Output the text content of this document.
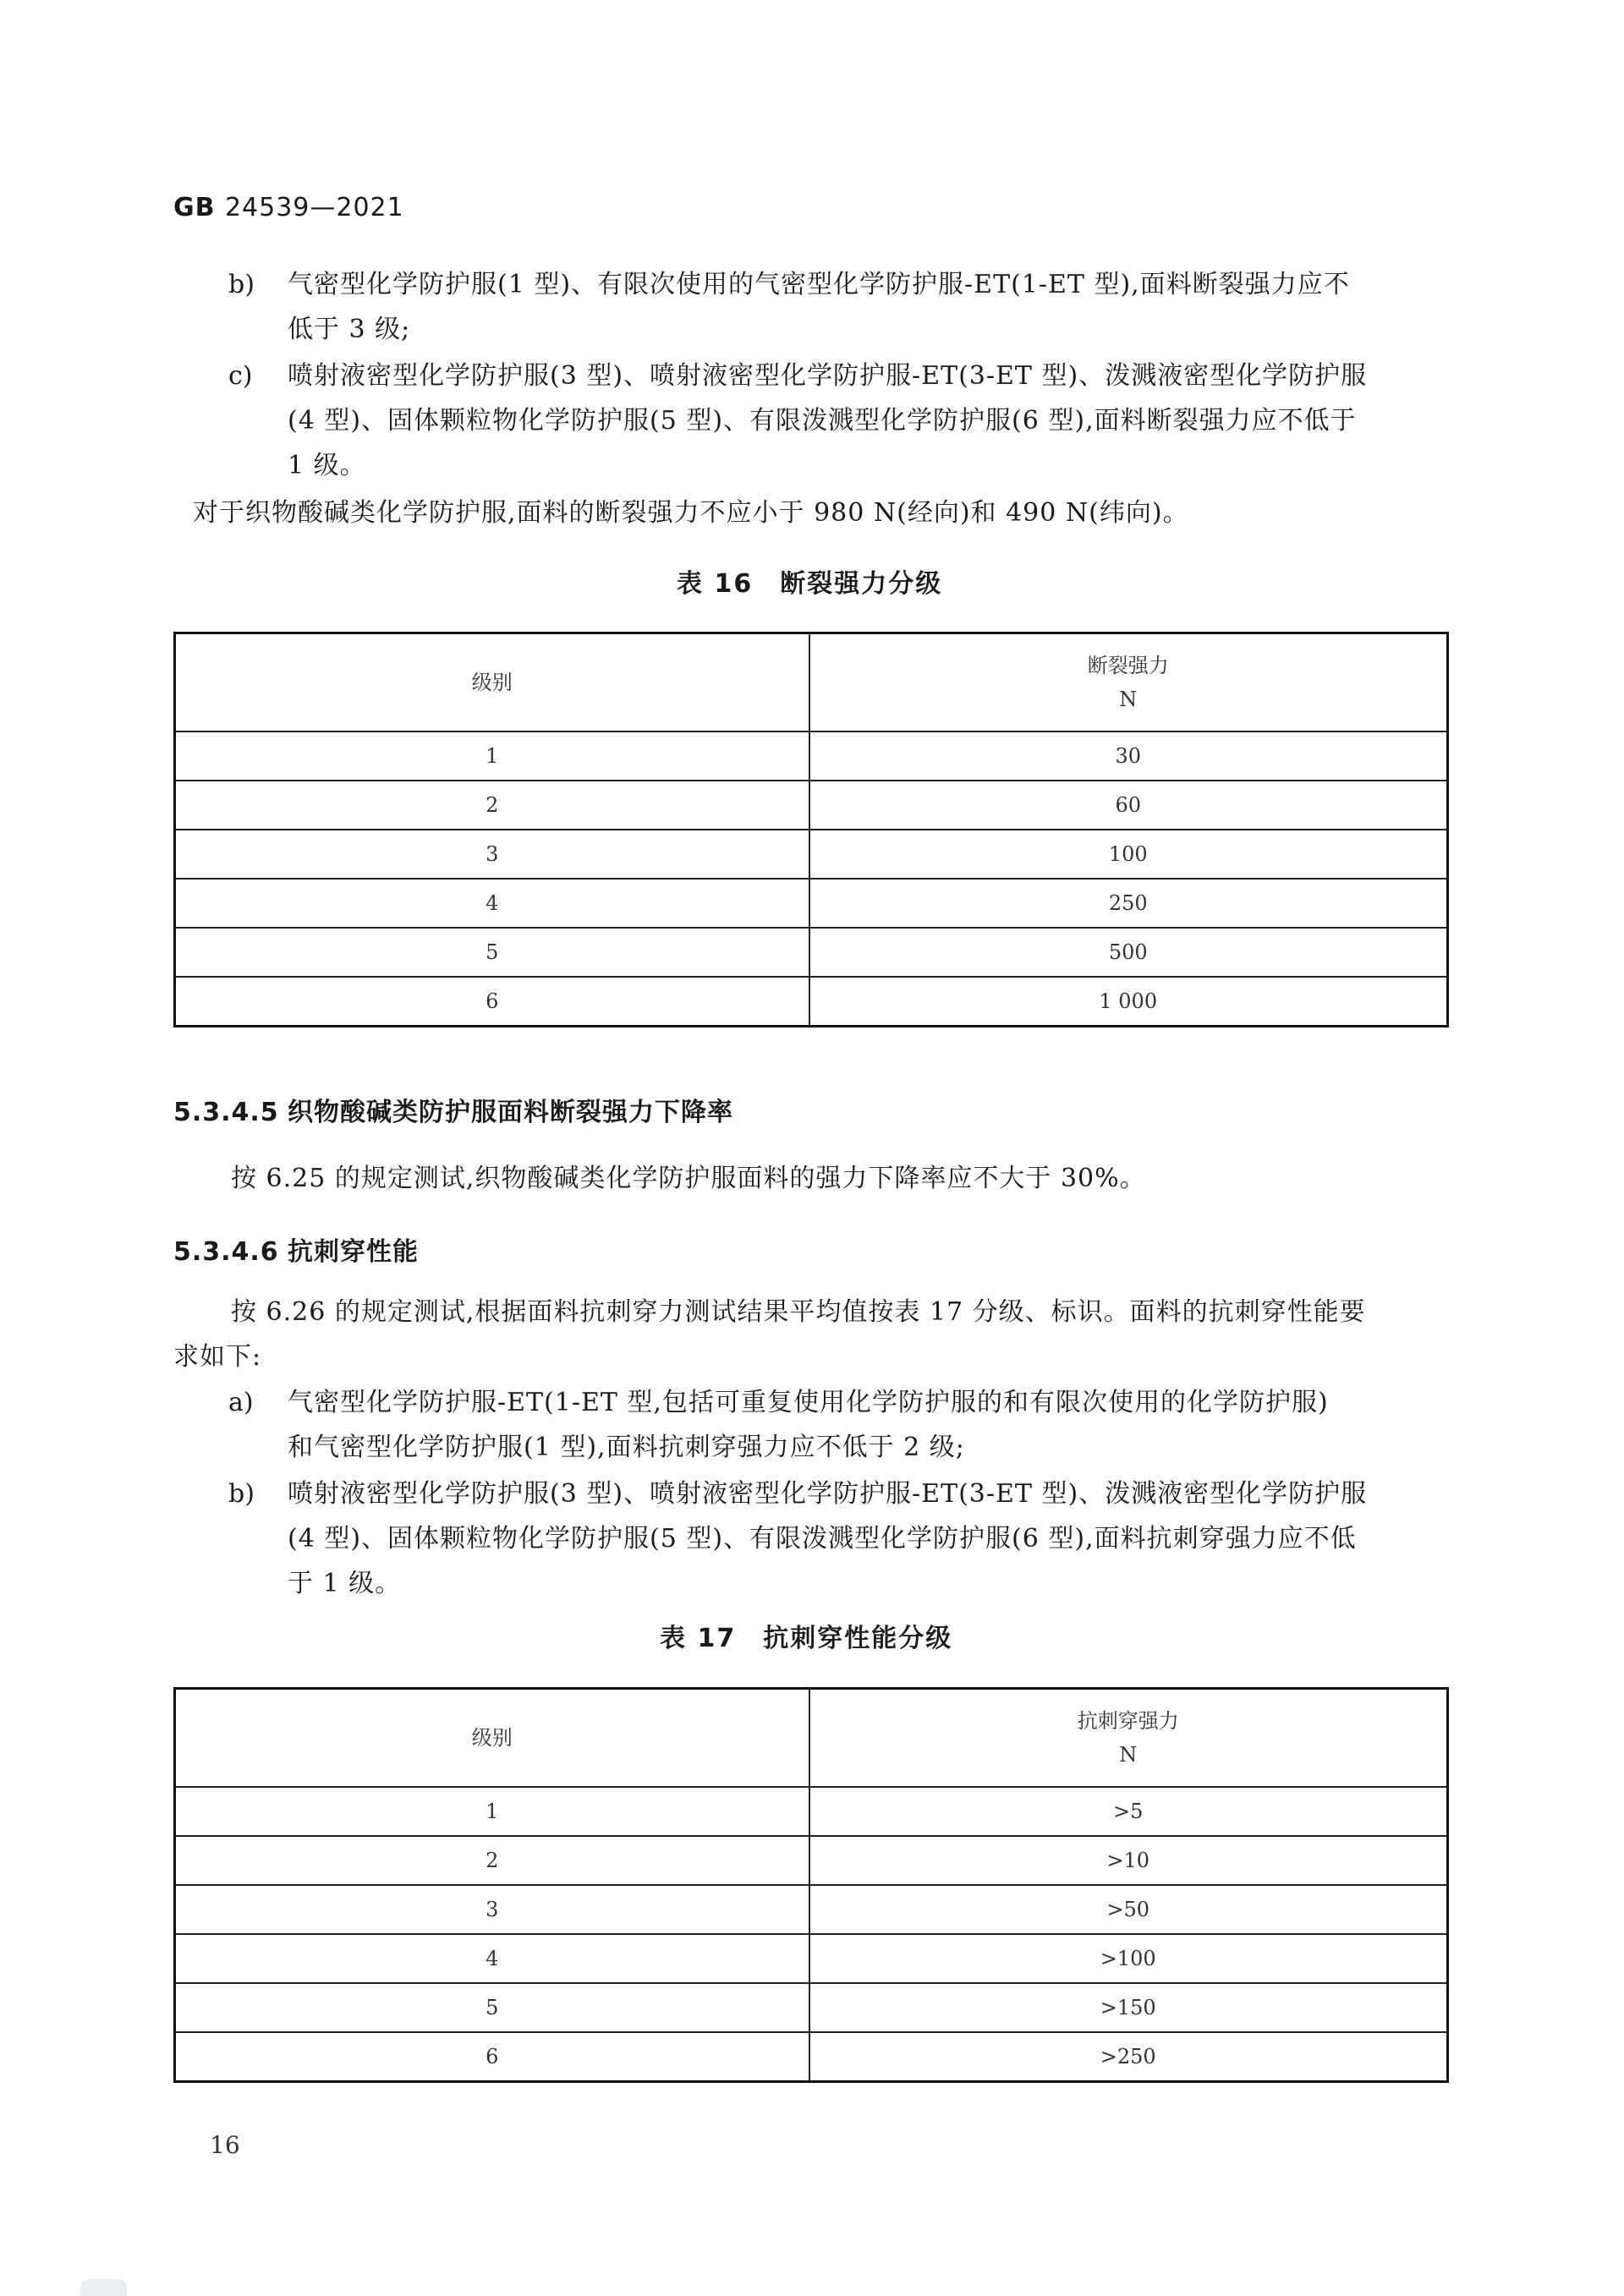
GB 24539—2021
b) 气密型化学防护服(1 型)、有限次使用的气密型化学防护服-ET(1-ET 型),面料断裂强力应不
低于 3 级;
c) 喷射液密型化学防护服(3 型)、喷射液密型化学防护服-ET(3-ET 型)、泼溅液密型化学防护服
(4 型)、固体颗粒物化学防护服(5 型)、有限泼溅型化学防护服(6 型),面料断裂强力应不低于
1 级。
对于织物酸碱类化学防护服,面料的断裂强力不应小于 980 N(经向)和 490 N(纬向)。
表 16　断裂强力分级
级别	断裂强力
N

1	30
2	60
3	100
4	250
5	500
6	1 000
5.3.4.5 织物酸碱类防护服面料断裂强力下降率
按 6.25 的规定测试,织物酸碱类化学防护服面料的强力下降率应不大于 30%。
5.3.4.6 抗刺穿性能
按 6.26 的规定测试,根据面料抗刺穿力测试结果平均值按表 17 分级、标识。面料的抗刺穿性能要
求如下:
a) 气密型化学防护服-ET(1-ET 型,包括可重复使用化学防护服的和有限次使用的化学防护服)
和气密型化学防护服(1 型),面料抗刺穿强力应不低于 2 级;
b) 喷射液密型化学防护服(3 型)、喷射液密型化学防护服-ET(3-ET 型)、泼溅液密型化学防护服
(4 型)、固体颗粒物化学防护服(5 型)、有限泼溅型化学防护服(6 型),面料抗刺穿强力应不低
于 1 级。
表 17　抗刺穿性能分级
级别	抗刺穿强力
N

1	>5
2	>10
3	>50
4	>100
5	>150
6	>250
16
